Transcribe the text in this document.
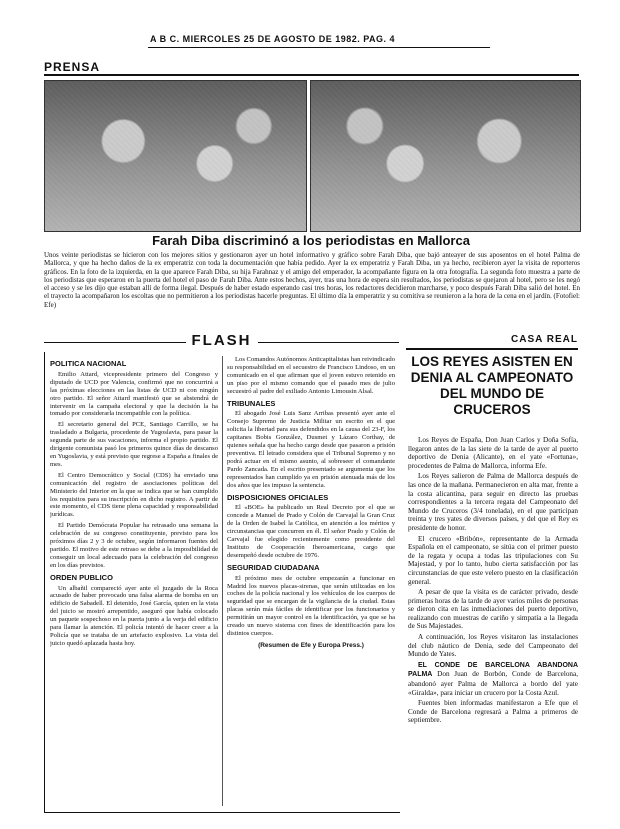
A B C. MIERCOLES 25 DE AGOSTO DE 1982. PAG. 4
PRENSA
Farah Diba discriminó a los periodistas en Mallorca
Unos veinte periodistas se hicieron con los mejores sitios y gestionaron ayer un hotel informativo y gráfico sobre Farah Diba, que bajó anteayer de sus aposentos en el hotel Palma de Mallorca, y que ha hecho daños de la ex emperatriz con toda la documentación que había pedido. Ayer la ex emperatriz y Farah Diba, un ya hecho, recibieron ayer la visita de reporteros gráficos. En la foto de la izquierda, en la que aparece Farah Diba, su hija Farahnaz y el amigo del emperador, la acompañante figura en la otra fotografía. La segunda foto muestra a parte de los periodistas que esperaron en la puerta del hotel el paso de Farah Diba. Ante estos hechos, ayer, tras una hora de espera sin resultados, los periodistas se quejaron al hotel, pero se les negó el acceso y se les dijo que estaban allí de forma ilegal. Después de haber estado esperando casi tres horas, los redactores decidieron marcharse, y poco después Farah Diba salió del hotel. En el trayecto la acompañaron los escoltas que no permitieron a los periodistas hacerle preguntas. El último día la emperatriz y su comitiva se reunieron a la hora de la cena en el jardín. (Fotofiel: Efe)
FLASH
POLITICA NACIONAL

Emilio Attard, vicepresidente primero del Congreso y diputado de UCD por Valencia, confirmó que no concurrirá a las próximas elecciones en las listas de UCD ni con ningún otro partido. El señor Attard manifestó que se abstendrá de intervenir en la campaña electoral y que la decisión la ha tomado por considerarla incompatible con la política.

El secretario general del PCE, Santiago Carrillo, se ha trasladado a Bulgaria, procedente de Yugoslavia, para pasar la segunda parte de sus vacaciones, informa el propio partido. El dirigente comunista pasó los primeros quince días de descanso en Yugoslavia, y está previsto que regrese a España a finales de mes.

El Centro Democrático y Social (CDS) ha enviado una comunicación del registro de asociaciones políticas del Ministerio del Interior en la que se indica que se han cumplido los requisitos para su inscripción en dicho registro. A partir de este momento, el CDS tiene plena capacidad y responsabilidad jurídicas.

El Partido Demócrata Popular ha retrasado una semana la celebración de su congreso constituyente, previsto para los próximos días 2 y 3 de octubre, según informaron fuentes del partido. El motivo de este retraso se debe a la imposibilidad de conseguir un local adecuado para la celebración del congreso en los días previstos.

ORDEN PUBLICO

Un albañil compareció ayer ante el juzgado de la Roca acusado de haber provocado una falsa alarma de bomba en un edificio de Sabadell. El detenido, José García, quien en la vista del juicio se mostró arrepentido, aseguró que había colocado un paquete sospechoso en la puerta junto a la verja del edificio para llamar la atención. El policía intentó de hacer creer a la Policía que se trataba de un artefacto explosivo. La vista del juicio quedó aplazada hasta hoy.

Los Comandos Autónomos Anticapitalistas han reivindicado su responsabilidad en el secuestro de Francisco Lindoso, en un comunicado en el que afirman que el joven estuvo retenido en un piso por el mismo comando que el pasado mes de julio secuestró al padre del exiliado Antonio Limousin Alsal.

TRIBUNALES

El abogado José Luis Sanz Arribas presentó ayer ante el Consejo Supremo de Justicia Militar un escrito en el que solicita la libertad para sus defendidos en la causa del 23-F, los capitanes Bobis González, Dusmet y Lázaro Corthay, de quienes señala que ha hecho cargo desde que pasaron a prisión preventiva. El letrado considera que el Tribunal Supremo y no podrá actuar en el mismo asunto, al sobreseer el comandante Pardo Zancada. En el escrito presentado se argumenta que los representados han cumplido ya en prisión atenuada más de los dos años que les impuso la sentencia.

DISPOSICIONES OFICIALES

El «BOE» ha publicado un Real Decreto por el que se concede a Manuel de Prado y Colón de Carvajal la Gran Cruz de la Orden de Isabel la Católica, en atención a los méritos y circunstancias que concurren en él. El señor Prado y Colón de Carvajal fue elegido recientemente como presidente del Instituto de Cooperación Iberoamericana, cargo que desempeñó desde octubre de 1976.

SEGURIDAD CIUDADANA

El próximo mes de octubre empezarán a funcionar en Madrid los nuevos placas-sirenas, que serán utilizadas en los coches de la policía nacional y los vehículos de los cuerpos de seguridad que se encargan de la vigilancia de la ciudad. Estas placas serán más fáciles de identificar por los funcionarios y permitirán un mayor control en la identificación, ya que se ha creado un nuevo sistema con fines de identificación para los distintos cuerpos.

(Resumen de Efe y Europa Press.)
CASA REAL
LOS REYES ASISTEN EN DENIA AL CAMPEONATO DEL MUNDO DE CRUCEROS

Los Reyes de España, Don Juan Carlos y Doña Sofía, llegaron antes de la las siete de la tarde de ayer al puerto deportivo de Denia (Alicante), en el yate «Fortuna», procedentes de Palma de Mallorca, informa Efe.

Los Reyes salieron de Palma de Mallorca después de las once de la mañana. Permanecieron en alta mar, frente a la costa alicantina, para seguir en directo las pruebas correspondientes a la tercera regata del Campeonato del Mundo de Cruceros (3/4 tonelada), en el que participan treinta y tres yates de diversos países, y del que el Rey es presidente de honor.

El crucero «Bribón», representante de la Armada Española en el campeonato, se sitúa con el primer puesto de la regata y ocupa a todas las tripulaciones con Su Majestad, y por lo tanto, hubo cierta satisfacción por las circunstancias de que este velero puesto en la clasificación general.

A pesar de que la visita es de carácter privado, desde primeras horas de la tarde de ayer varios miles de personas se dieron cita en las inmediaciones del puerto deportivo, realizando con muestras de cariño y simpatía a la llegada de Sus Majestades.

A continuación, los Reyes visitaron las instalaciones del club náutico de Denia, sede del Campeonato del Mundo de Yates.

EL CONDE DE BARCELONA ABANDONA PALMA Don Juan de Borbón, Conde de Barcelona, abandonó ayer Palma de Mallorca a bordo del yate «Giralda», para iniciar un crucero por la Costa Azul.

Fuentes bien informadas manifestaron a Efe que el Conde de Barcelona regresará a Palma a primeros de septiembre.
